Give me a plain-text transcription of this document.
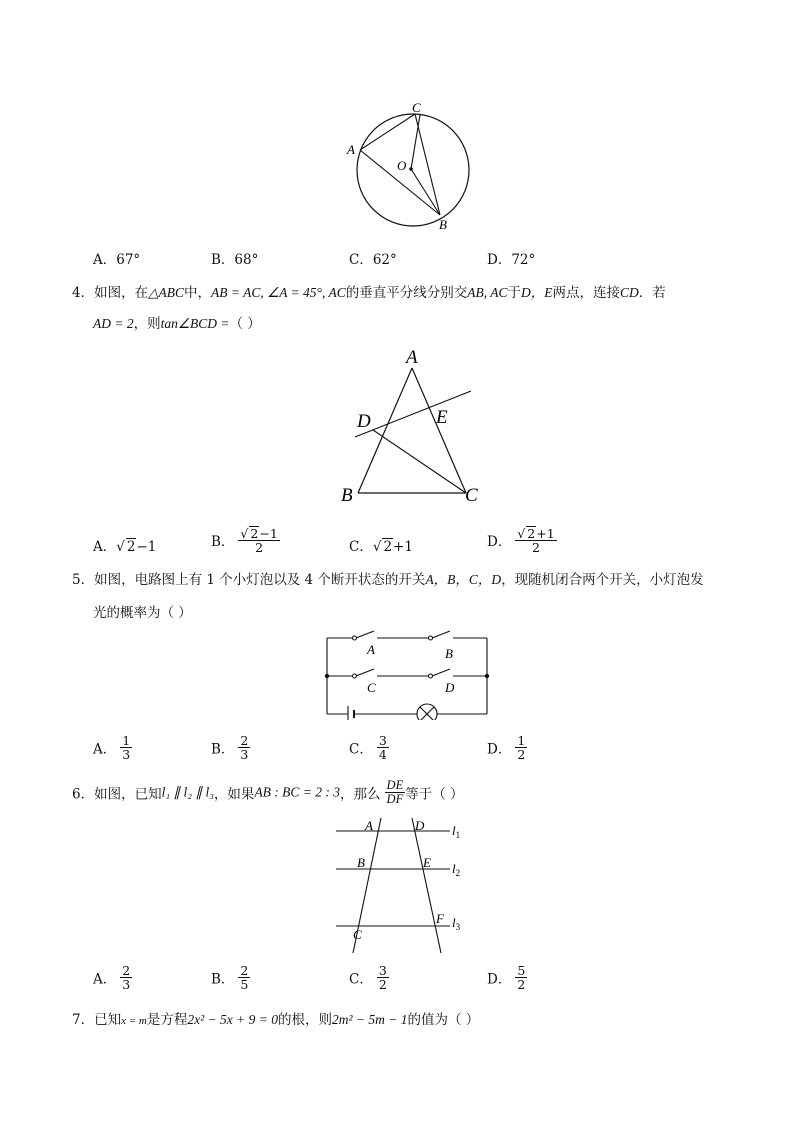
C
A
O
B
A．67°	B．68°	C．62°	D．72°
4．如图，在△ABC中，AB = AC, ∠A = 45°, AC的垂直平分线分别交AB, AC于D，E两点，连接CD．若
AD = 2，则tan∠BCD =（ ）
A
E
D
B	C
A．√ 2−1	B． $\frac{√ 2-1}{2}$	C．√ 2+1	D． $\frac{√ 2+1}{2}$
5．如图，电路图上有 1 个小灯泡以及 4 个断开状态的开关A，B，C，D，现随机闭合两个开关，小灯泡发
光的概率为（ ）
A	B
C	D
A． $\frac{1}{3}$	B． $\frac{2}{3}$	C． $\frac{3}{4}$	D． $\frac{1}{2}$
6．如图，已知l₁ ∥ l₂ ∥ l₃，如果AB : BC = 2 : 3，那么 $\frac{DE}{DF}$ 等于（ ）
A	D
B	E
F
C
$l_1$
$l_2$
$l_3$
A． $\frac{2}{3}$	B． $\frac{2}{5}$	C． $\frac{3}{2}$	D． $\frac{5}{2}$
7．已知x = m是方程2x² − 5x + 9 = 0的根，则2m² − 5m − 1的值为（ ）
